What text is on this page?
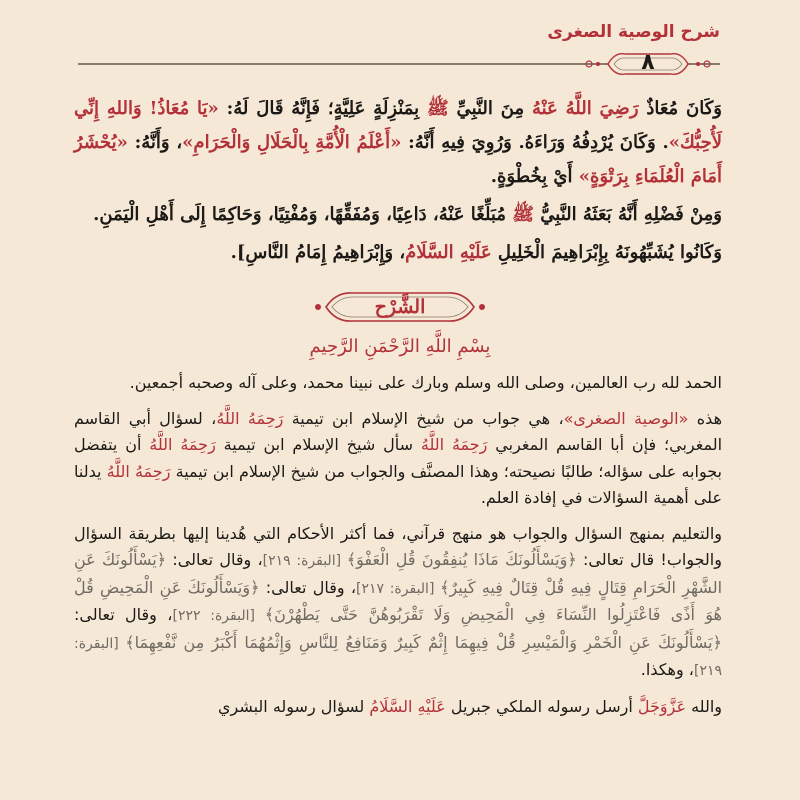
شرح الوصية الصغرى
٨

وَكَانَ مُعَاذٌ رَضِيَ اللَّهُ عَنْهُ مِنَ النَّبِيِّ ﷺ بِمَنْزِلَةٍ عَلِيَّةٍ؛ فَإِنَّهُ قَالَ لَهُ: «يَا مُعَاذُ! وَاللهِ إِنِّي لَأُحِبُّكَ». وَكَانَ يُرْدِفُهُ وَرَاءَهُ. وَرُوِيَ فِيهِ أَنَّهُ: «أَعْلَمُ الْأُمَّةِ بِالْحَلَالِ وَالْحَرَامِ»، وَأَنَّهُ: «يُحْشَرُ أَمَامَ الْعُلَمَاءِ بِرَتْوَةٍ» أَيْ بِخُطْوَةٍ.

وَمِنْ فَضْلِهِ أَنَّهُ بَعَثَهُ النَّبِيُّ ﷺ مُبَلِّغًا عَنْهُ، دَاعِيًا، وَمُفَقِّهًا، وَمُفْتِيًا، وَحَاكِمًا إِلَى أَهْلِ الْيَمَنِ.

وَكَانُوا يُشَبِّهُونَهُ بِإِبْرَاهِيمَ الْخَلِيلِ عَلَيْهِ السَّلَامُ، وَإِبْرَاهِيمُ إِمَامُ النَّاسِ].

الشَّرْح
بِسْمِ اللَّهِ الرَّحْمَنِ الرَّحِيمِ

الحمد لله رب العالمين، وصلى الله وسلم وبارك على نبينا محمد، وعلى آله وصحبه أجمعين.

هذه «الوصية الصغرى»، هي جواب من شيخ الإسلام ابن تيمية رَحِمَهُ اللَّهُ، لسؤال أبي القاسم المغربي؛ فإن أبا القاسم المغربي رَحِمَهُ اللَّهُ سأل شيخ الإسلام ابن تيمية رَحِمَهُ اللَّهُ أن يتفضل بجوابه على سؤاله؛ طالبًا نصيحته؛ وهذا المصنَّف والجواب من شيخ الإسلام ابن تيمية رَحِمَهُ اللَّهُ يدلنا على أهمية السؤالات في إفادة العلم.

والتعليم بمنهج السؤال والجواب هو منهج قرآني، فما أكثر الأحكام التي هُدينا إليها بطريقة السؤال والجواب! قال تعالى: ﴿وَيَسْأَلُونَكَ مَاذَا يُنفِقُونَ قُلِ الْعَفْوَ﴾ [البقرة: ٢١٩]، وقال تعالى: ﴿يَسْأَلُونَكَ عَنِ الشَّهْرِ الْحَرَامِ قِتَالٍ فِيهِ قُلْ قِتَالٌ فِيهِ كَبِيرٌ﴾ [البقرة: ٢١٧]، وقال تعالى: ﴿وَيَسْأَلُونَكَ عَنِ الْمَحِيضِ قُلْ هُوَ أَذًى فَاعْتَزِلُوا النِّسَاءَ فِي الْمَحِيضِ وَلَا تَقْرَبُوهُنَّ حَتَّى يَطْهُرْنَ﴾ [البقرة: ٢٢٢]، وقال تعالى: ﴿يَسْأَلُونَكَ عَنِ الْخَمْرِ وَالْمَيْسِرِ قُلْ فِيهِمَا إِثْمٌ كَبِيرٌ وَمَنَافِعُ لِلنَّاسِ وَإِثْمُهُمَا أَكْبَرُ مِن نَّفْعِهِمَا﴾ [البقرة: ٢١٩]، وهكذا.

والله عَزَّوَجَلَّ أرسل رسوله الملكي جبريل عَلَيْهِ السَّلَامُ لسؤال رسوله البشري
